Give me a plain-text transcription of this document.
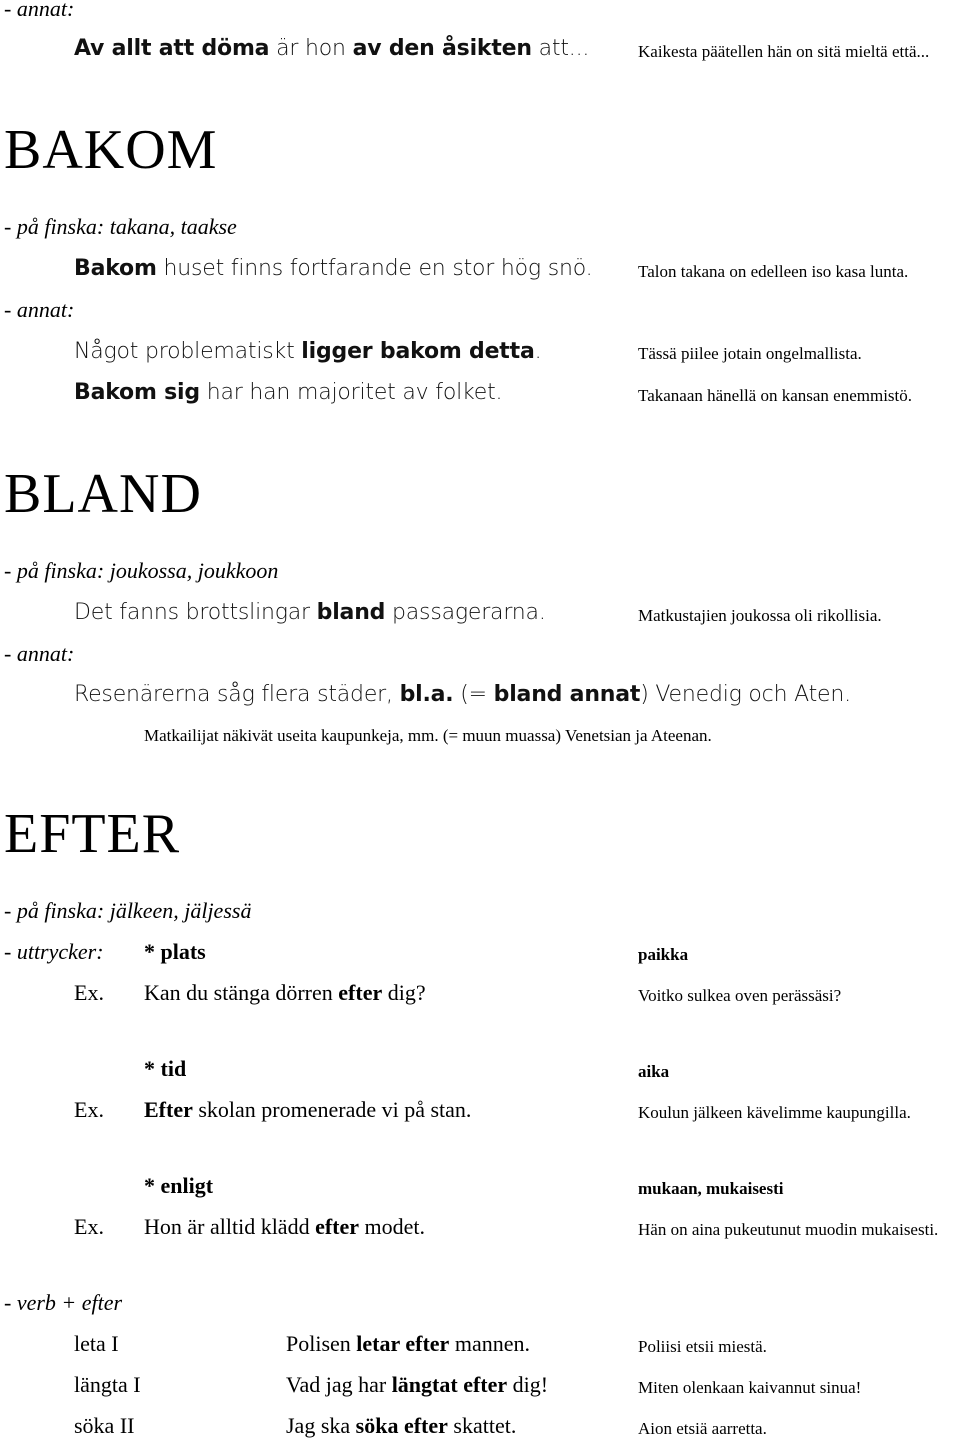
- annat:
Av allt att döma är hon av den åsikten att...	Kaikesta päätellen hän on sitä mieltä että...
BAKOM
- på finska: takana, taakse
Bakom huset finns fortfarande en stor hög snö.	Talon takana on edelleen iso kasa lunta.
- annat:
Något problematiskt ligger bakom detta.	Tässä piilee jotain ongelmallista.
Bakom sig har han majoritet av folket.	Takanaan hänellä on kansan enemmistö.
BLAND
- på finska: joukossa, joukkoon
Det fanns brottslingar bland passagerarna.	Matkustajien joukossa oli rikollisia.
- annat:
Resenärerna såg flera städer, bl.a. (= bland annat) Venedig och Aten.
Matkailijat näkivät useita kaupunkeja, mm. (= muun muassa) Venetsian ja Ateenan.
EFTER
- på finska: jälkeen, jäljessä
- uttrycker: * plats	paikka
Ex. Kan du stänga dörren efter dig?	Voitko sulkea oven perässäsi?
* tid	aika
Ex. Efter skolan promenerade vi på stan.	Koulun jälkeen kävelimme kaupungilla.
* enligt	mukaan, mukaisesti
Ex. Hon är alltid klädd efter modet.	Hän on aina pukeutunut muodin mukaisesti.
- verb + efter
leta I	Polisen letar efter mannen.	Poliisi etsii miestä.
längta I	Vad jag har längtat efter dig!	Miten olenkaan kaivannut sinua!
söka II	Jag ska söka efter skattet.	Aion etsiä aarretta.
